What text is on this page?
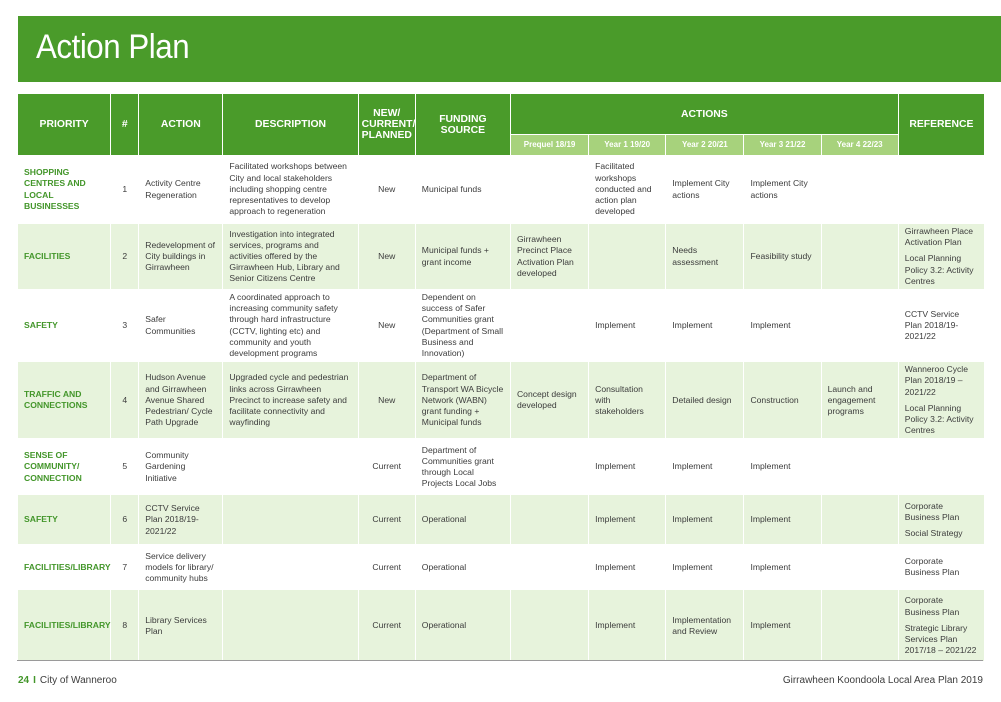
Action Plan
PRIORITY	#	ACTION	DESCRIPTION	NEW/ CURRENT/ PLANNED	FUNDING SOURCE	ACTIONS					REFERENCE
						Prequel 18/19	Year 1 19/20	Year 2 20/21	Year 3 21/22	Year 4 22/23	
SHOPPING CENTRES AND LOCAL BUSINESSES	1	Activity Centre Regeneration	Facilitated workshops between City and local stakeholders including shopping centre representatives to develop approach to regeneration	New	Municipal funds		Facilitated workshops conducted and action plan developed	Implement City actions	Implement City actions		
FACILITIES	2	Redevelopment of City buildings in Girrawheen	Investigation into integrated services, programs and activities offered by the Girrawheen Hub, Library and Senior Citizens Centre	New	Municipal funds + grant income	Girrawheen Precinct Place Activation Plan developed		Needs assessment	Feasibility study		Girrawheen Place Activation Plan
Local Planning Policy 3.2: Activity Centres

SAFETY	3	Safer Communities	A coordinated approach to increasing community safety through hard infrastructure (CCTV, lighting etc) and community and youth development programs	New	Dependent on success of Safer Communities grant (Department of Small Business and Innovation)		Implement	Implement	Implement		CCTV Service Plan 2018/19- 2021/22

TRAFFIC AND CONNECTIONS	4	Hudson Avenue and Girrawheen Avenue Shared Pedestrian/ Cycle Path Upgrade	Upgraded cycle and pedestrian links across Girrawheen Precinct to increase safety and facilitate connectivity and wayfinding	New	Department of Transport WA Bicycle Network (WABN) grant funding + Municipal funds	Concept design developed	Consultation with stakeholders	Detailed design	Construction	Launch and engagement programs	Wanneroo Cycle Plan 2018/19 – 2021/22
Local Planning Policy 3.2: Activity Centres

SENSE OF COMMUNITY/ CONNECTION	5	Community Gardening Initiative		Current	Department of Communities grant through Local Projects Local Jobs		Implement	Implement	Implement		
SAFETY	6	CCTV Service Plan 2018/19- 2021/22		Current	Operational		Implement	Implement	Implement		Corporate Business Plan
Social Strategy

FACILITIES/LIBRARY	7	Service delivery models for library/ community hubs		Current	Operational		Implement	Implement	Implement		Corporate Business Plan

FACILITIES/LIBRARY	8	Library Services Plan		Current	Operational		Implement	Implementation and Review	Implement		Corporate Business Plan
Strategic Library Services Plan 2017/18 – 2021/22
24 I City of Wanneroo	Girrawheen Koondoola Local Area Plan 2019
